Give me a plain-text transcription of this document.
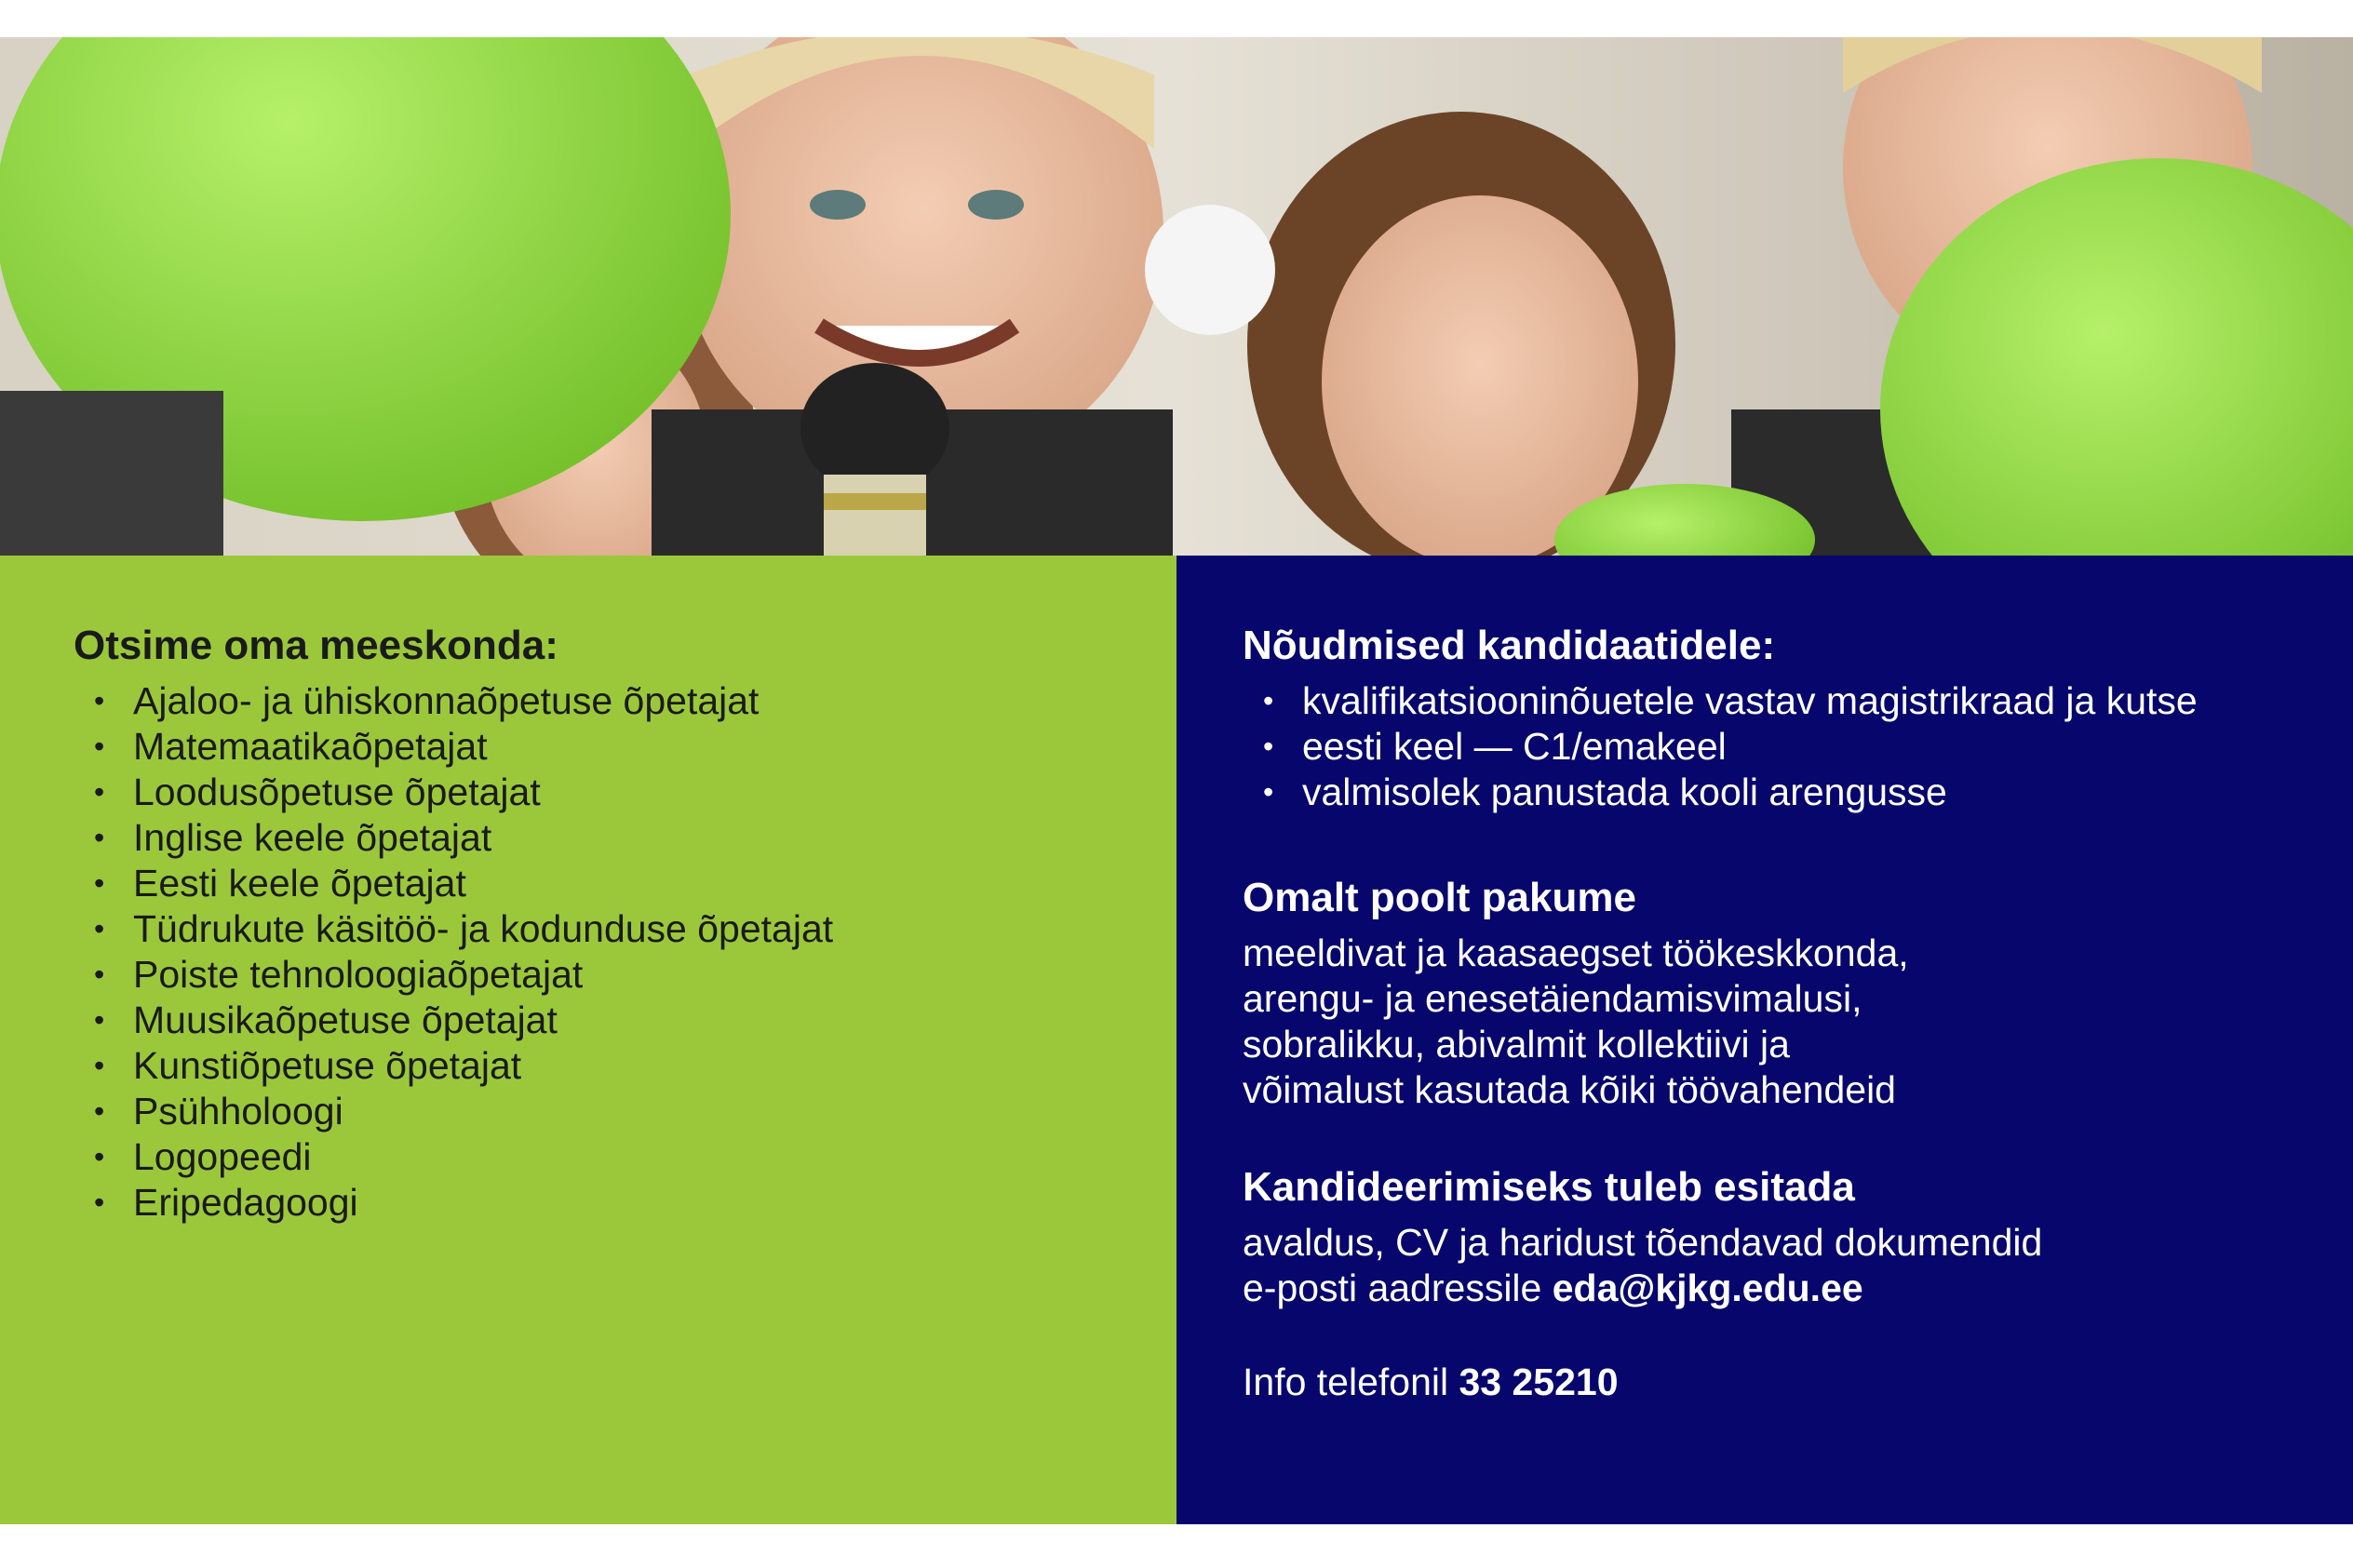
Otsime oma meeskonda:
• Ajaloo- ja ühiskonnaõpetuse õpetajat
• Matemaatikaõpetajat
• Loodusõpetuse õpetajat
• Inglise keele õpetajat
• Eesti keele õpetajat
• Tüdrukute käsitöö- ja kodunduse õpetajat
• Poiste tehnoloogiaõpetajat
• Muusikaõpetuse õpetajat
• Kunstiõpetuse õpetajat
• Psühholoogi
• Logopeedi
• Eripedagoogi
Nõudmised kandidaatidele:
• kvalifikatsiooninõuetele vastav magistrikraad ja kutse
• eesti keel — C1/emakeel
• valmisolek panustada kooli arengusse
Omalt poolt pakume

meeldivat ja kaasaegset töökeskkonda,

arengu- ja enesetäiendamisvimalusi,

sobralikku, abivalmit kollektiivi ja

võimalust kasutada kõiki töövahendeid

Kandideerimiseks tuleb esitada

avaldus, CV ja haridust tõendavad dokumendid

e-posti aadressile eda@kjkg.edu.ee

Info telefonil 33 25210
